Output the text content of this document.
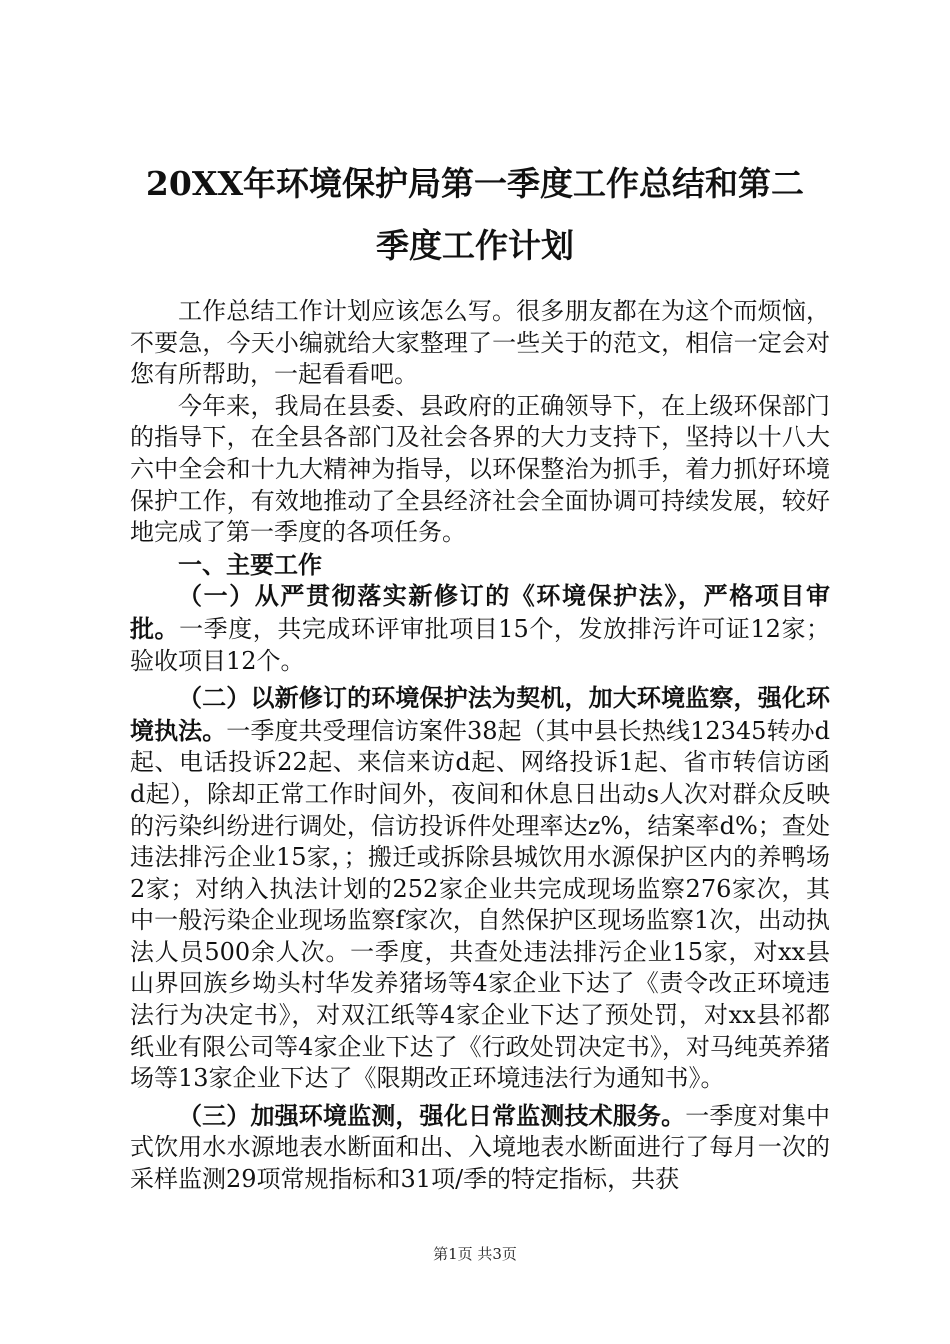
20XX年环境保护局第一季度工作总结和第二
季度工作计划

工作总结工作计划应该怎么写。很多朋友都在为这个而烦恼，不要急，今天小编就给大家整理了一些关于的范文，相信一定会对您有所帮助，一起看看吧。

今年来，我局在县委、县政府的正确领导下，在上级环保部门的指导下，在全县各部门及社会各界的大力支持下，坚持以十八大六中全会和十九大精神为指导，以环保整治为抓手，着力抓好环境保护工作，有效地推动了全县经济社会全面协调可持续发展，较好地完成了第一季度的各项任务。

一、主要工作

（一）从严贯彻落实新修订的《环境保护法》，严格项目审批。一季度，共完成环评审批项目15个，发放排污许可证12家；验收项目12个。

（二）以新修订的环境保护法为契机，加大环境监察，强化环境执法。一季度共受理信访案件38起（其中县长热线12345转办d起、电话投诉22起、来信来访d起、网络投诉1起、省市转信访函d起），除却正常工作时间外，夜间和休息日出动s人次对群众反映的污染纠纷进行调处，信访投诉件处理率达z%，结案率d%；查处违法排污企业15家，；搬迁或拆除县城饮用水源保护区内的养鸭场2家；对纳入执法计划的252家企业共完成现场监察276家次，其中一般污染企业现场监察f家次，自然保护区现场监察1次，出动执法人员500余人次。一季度，共查处违法排污企业15家，对xx县山界回族乡坳头村华发养猪场等4家企业下达了《责令改正环境违法行为决定书》，对双江纸等4家企业下达了预处罚，对xx县祁都纸业有限公司等4家企业下达了《行政处罚决定书》，对马纯英养猪场等13家企业下达了《限期改正环境违法行为通知书》。

（三）加强环境监测，强化日常监测技术服务。一季度对集中式饮用水水源地表水断面和出、入境地表水断面进行了每月一次的采样监测29项常规指标和31项/季的特定指标，共获

第1页 共3页
